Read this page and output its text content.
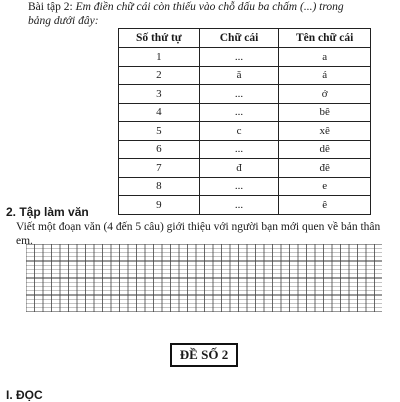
Bài tập 2: Em điền chữ cái còn thiếu vào chỗ dấu ba chấm (...) trong
bảng dưới đây:
Số thứ tự	Chữ cái	Tên chữ cái
1	...	a
2	ă	á
3	...	ớ
4	...	bê
5	c	xê
6	...	dê
7	đ	đê
8	...	e
9	...	ê
2. Tập làm văn
Viết một đoạn văn (4 đến 5 câu) giới thiệu với người bạn mới quen về bản thân em.
ĐỀ SỐ 2
I. ĐỌC
